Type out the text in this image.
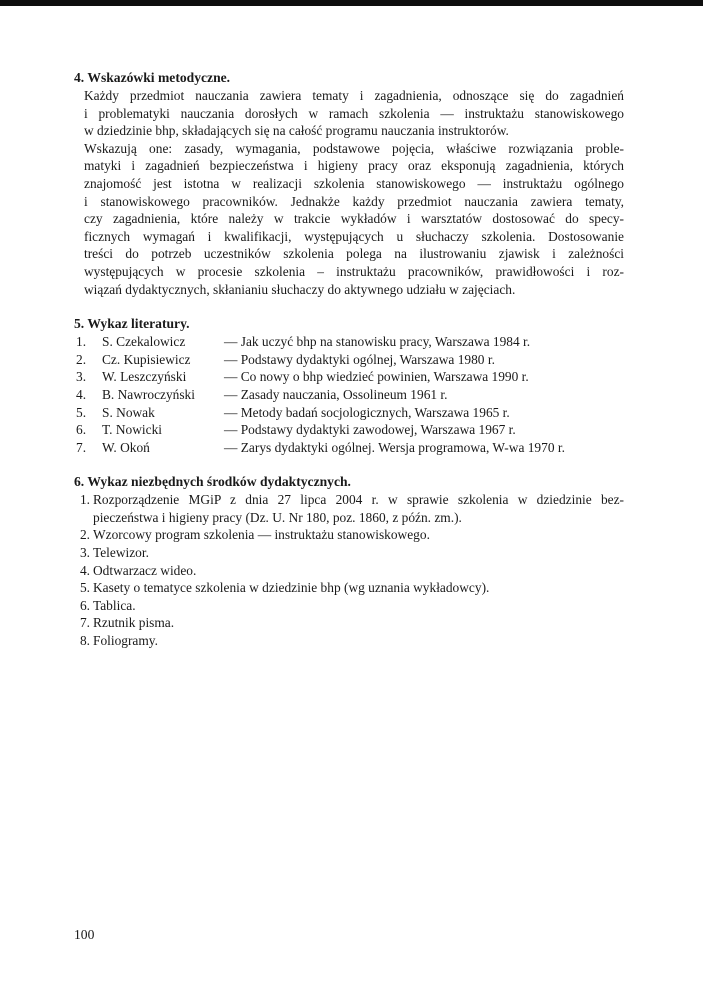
4. Wskazówki metodyczne.
Każdy przedmiot nauczania zawiera tematy i zagadnienia, odnoszące się do zagadnień
i problematyki nauczania dorosłych w ramach szkolenia — instruktażu stanowiskowego
w dziedzinie bhp, składających się na całość programu nauczania instruktorów.
Wskazują one: zasady, wymagania, podstawowe pojęcia, właściwe rozwiązania proble-
matyki i zagadnień bezpieczeństwa i higieny pracy oraz eksponują zagadnienia, których
znajomość jest istotna w realizacji szkolenia stanowiskowego — instruktażu ogólnego
i stanowiskowego pracowników. Jednakże każdy przedmiot nauczania zawiera tematy,
czy zagadnienia, które należy w trakcie wykładów i warsztatów dostosować do specy-
ficznych wymagań i kwalifikacji, występujących u słuchaczy szkolenia. Dostosowanie
treści do potrzeb uczestników szkolenia polega na ilustrowaniu zjawisk i zależności
występujących w procesie szkolenia – instruktażu pracowników, prawidłowości i roz-
wiązań dydaktycznych, skłanianiu słuchaczy do aktywnego udziału w zajęciach.
5. Wykaz literatury.
1.	S. Czekalowicz	— Jak uczyć bhp na stanowisku pracy, Warszawa 1984 r.
2.	Cz. Kupisiewicz	— Podstawy dydaktyki ogólnej, Warszawa 1980 r.
3.	W. Leszczyński	— Co nowy o bhp wiedzieć powinien, Warszawa 1990 r.
4.	B. Nawroczyński	— Zasady nauczania, Ossolineum 1961 r.
5.	S. Nowak	— Metody badań socjologicznych, Warszawa 1965 r.
6.	T. Nowicki	— Podstawy dydaktyki zawodowej, Warszawa 1967 r.
7.	W. Okoń	— Zarys dydaktyki ogólnej. Wersja programowa, W-wa 1970 r.
6. Wykaz niezbędnych środków dydaktycznych.
1. Rozporządzenie MGiP z dnia 27 lipca 2004 r. w sprawie szkolenia w dziedzinie bez-
pieczeństwa i higieny pracy (Dz. U. Nr 180, poz. 1860, z późn. zm.).
2. Wzorcowy program szkolenia — instruktażu stanowiskowego.
3. Telewizor.
4. Odtwarzacz wideo.
5. Kasety o tematyce szkolenia w dziedzinie bhp (wg uznania wykładowcy).
6. Tablica.
7. Rzutnik pisma.
8. Foliogramy.
100
